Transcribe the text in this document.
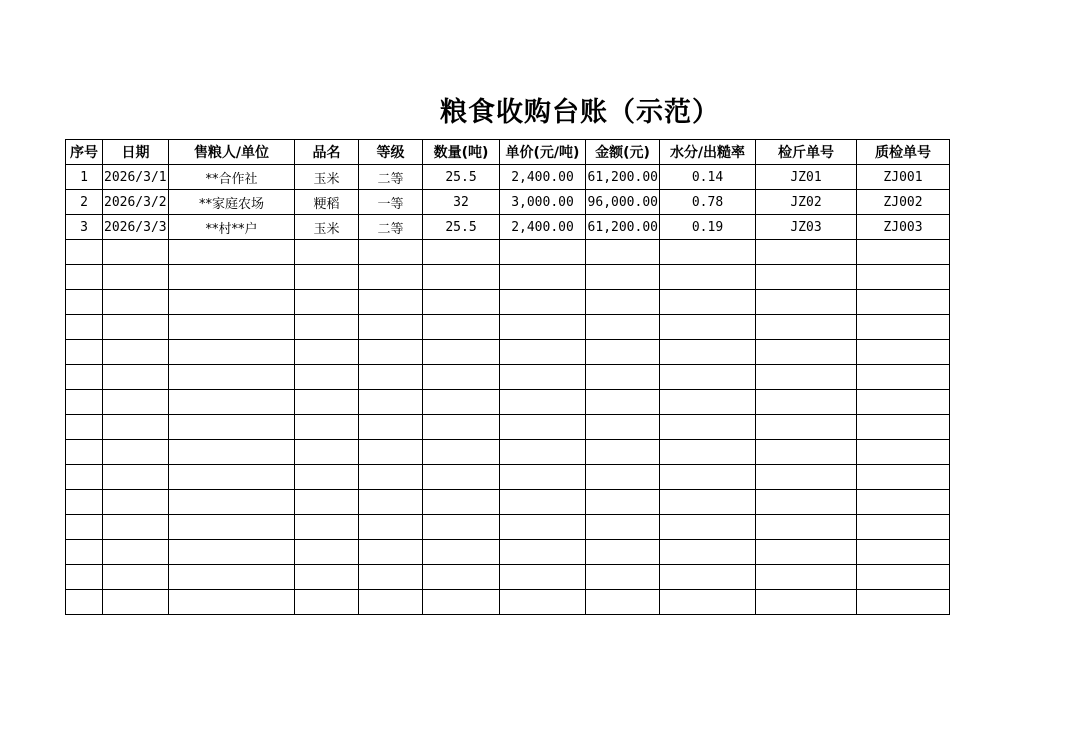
粮食收购台账（示范）
序号	日期	售粮人/单位	品名	等级	数量(吨)	单价(元/吨)	金额(元)	水分/出糙率	检斤单号	质检单号
1	2026/3/1	**合作社	玉米	二等	25.5	2,400.00	61,200.00	0.14	JZ01	ZJ001
2	2026/3/2	**家庭农场	粳稻	一等	32	3,000.00	96,000.00	0.78	JZ02	ZJ002
3	2026/3/3	**村**户	玉米	二等	25.5	2,400.00	61,200.00	0.19	JZ03	ZJ003
